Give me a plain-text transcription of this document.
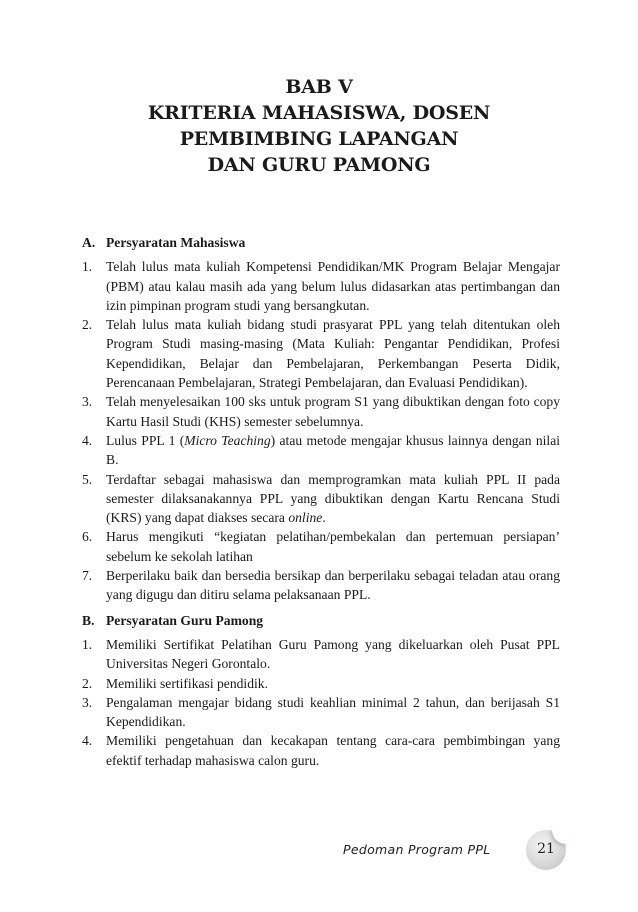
BAB V
KRITERIA MAHASISWA, DOSEN
PEMBIMBING LAPANGAN
DAN GURU PAMONG
A. Persyaratan Mahasiswa
1.	Telah lulus mata kuliah Kompetensi Pendidikan/MK Program Belajar Mengajar (PBM) atau kalau masih ada yang belum lulus didasarkan atas pertimbangan dan izin pimpinan program studi yang bersangkutan.
2.	Telah lulus mata kuliah bidang studi prasyarat PPL yang telah ditentukan oleh Program Studi masing-masing (Mata Kuliah: Pengantar Pendidikan, Profesi Kependidikan, Belajar dan Pembelajaran, Perkembangan Peserta Didik, Perencanaan Pembelajaran, Strategi Pembelajaran, dan Evaluasi Pendidikan).
3.	Telah menyelesaikan 100 sks untuk program S1 yang dibuktikan dengan foto copy Kartu Hasil Studi (KHS) semester sebelumnya.
4.	Lulus PPL 1 (Micro Teaching) atau metode mengajar khusus lainnya dengan nilai B.
5.	Terdaftar sebagai mahasiswa dan memprogramkan mata kuliah PPL II pada semester dilaksanakannya PPL yang dibuktikan dengan Kartu Rencana Studi (KRS) yang dapat diakses secara online.
6.	Harus mengikuti “kegiatan pelatihan/pembekalan dan pertemuan persiapan’ sebelum ke sekolah latihan
7.	Berperilaku baik dan bersedia bersikap dan berperilaku sebagai teladan atau orang yang digugu dan ditiru selama pelaksanaan PPL.
B. Persyaratan Guru Pamong
1.	Memiliki Sertifikat Pelatihan Guru Pamong yang dikeluarkan oleh Pusat PPL Universitas Negeri Gorontalo.
2.	Memiliki sertifikasi pendidik.
3.	Pengalaman mengajar bidang studi keahlian minimal 2 tahun, dan berijasah S1 Kependidikan.
4.	Memiliki pengetahuan dan kecakapan tentang cara-cara pembimbingan yang efektif terhadap mahasiswa calon guru.
Pedoman Program PPL	21
